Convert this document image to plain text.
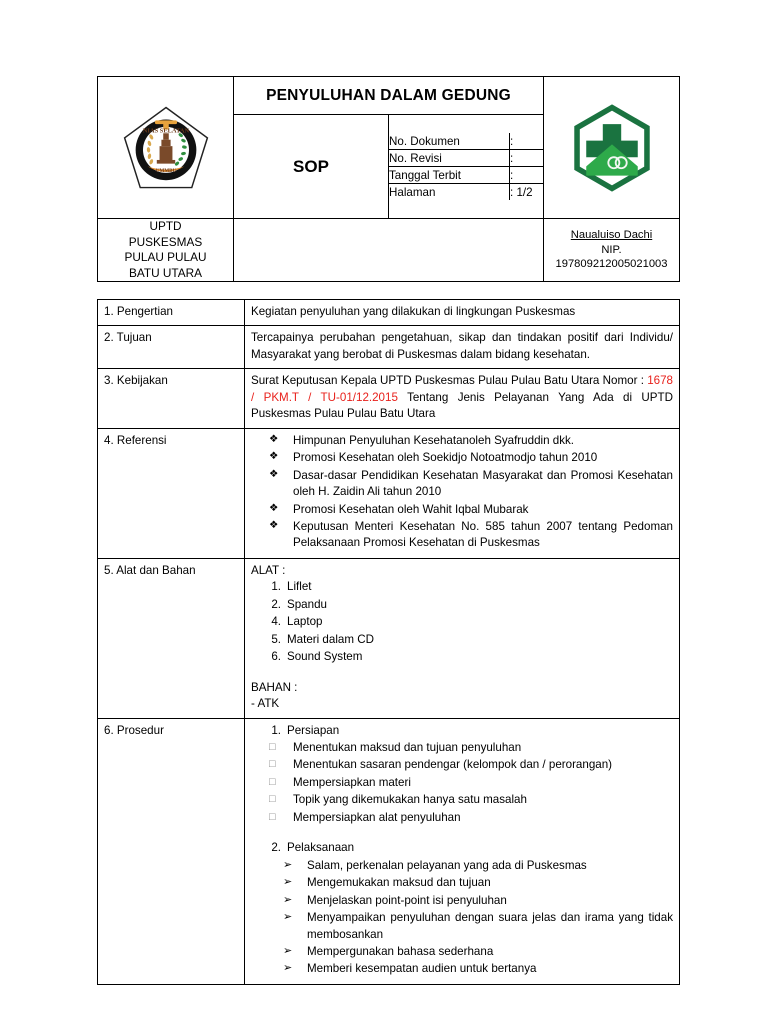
NIAS SELATAN
UMMBU
	PENYULUHAN DALAM GEDUNG	

SOP	
No. Dokumen	:
No. Revisi	:
Tanggal Terbit	:
Halaman	: 1/2

UPTD
PUSKESMAS
PULAU PULAU
BATU UTARA		
Naualuiso Dachi
NIP. 197809212005021003
1. Pengertian	Kegiatan penyuluhan yang dilakukan di lingkungan Puskesmas
2. Tujuan	Tercapainya perubahan pengetahuan, sikap dan tindakan positif dari Individu/ Masyarakat yang berobat di Puskesmas dalam bidang kesehatan.
3. Kebijakan	Surat Keputusan Kepala UPTD Puskesmas Pulau Pulau Batu Utara Nomor : 1678 / PKM.T / TU-01/12.2015 Tentang Jenis Pelayanan Yang Ada di UPTD Puskesmas Pulau Pulau Batu Utara
4. Referensi	
❖Himpunan Penyuluhan Kesehatanoleh Syafruddin dkk.
❖ Promosi Kesehatan oleh Soekidjo Notoatmodjo tahun 2010
❖ Dasar-dasar Pendidikan Kesehatan Masyarakat dan Promosi Kesehatan oleh H. Zaidin Ali tahun 2010
❖ Promosi Kesehatan oleh Wahit Iqbal Mubarak
❖ Keputusan Menteri Kesehatan No. 585 tahun 2007 tentang Pedoman Pelaksanaan Promosi Kesehatan di Puskesmas

5. Alat dan Bahan	ALAT :
1. Liflet
2. Spandu
4. Laptop
5. Materi dalam CD
6. Sound System
BAHAN :
- ATK

6. Prosedur	1. Persiapan
□ Menentukan maksud dan tujuan penyuluhan
□ Menentukan sasaran pendengar (kelompok dan / perorangan)
□ Mempersiapkan materi
□ Topik yang dikemukakan hanya satu masalah
□ Mempersiapkan alat penyuluhan
2. Pelaksanaan
➢ Salam, perkenalan pelayanan yang ada di Puskesmas
➢ Mengemukakan maksud dan tujuan
➢ Menjelaskan point-point isi penyuluhan
➢ Menyampaikan penyuluhan dengan suara jelas dan irama yang tidak membosankan
➢ Mempergunakan bahasa sederhana
➢ Memberi kesempatan audien untuk bertanya
